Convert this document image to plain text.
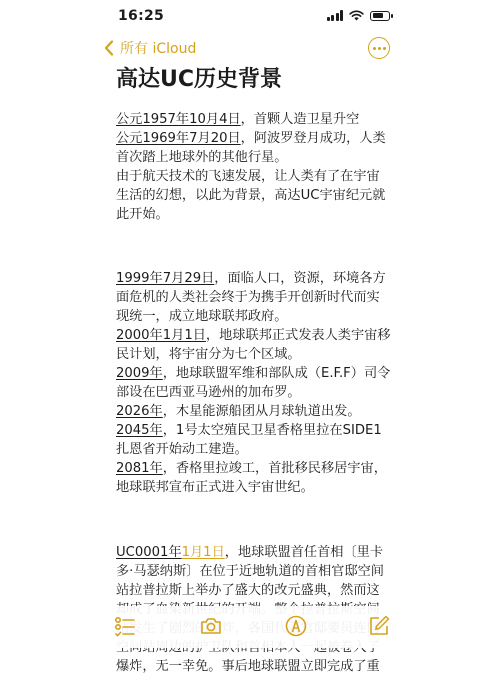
16:25
所有 iCloud
高达UC历史背景

公元1957年10月4日，首颗人造卫星升空

公元1969年7月20日，阿波罗登月成功，人类首次踏上地球外的其他行星。

由于航天技术的飞速发展，让人类有了在宇宙生活的幻想，以此为背景，高达UC宇宙纪元就此开始。

1999年7月29日，面临人口，资源，环境各方面危机的人类社会终于为携手开创新时代而实现统一，成立地球联邦政府。

2000年1月1日，地球联邦正式发表人类宇宙移民计划，将宇宙分为七个区域。

2009年，地球联盟军维和部队成（E.F.F）司令部设在巴西亚马逊州的加布罗。

2026年，木星能源船团从月球轨道出发。

2045年，1号太空殖民卫星香格里拉在SIDE1扎恩省开始动工建造。

2081年，香格里拉竣工，首批移民移居宇宙，地球联邦宣布正式进入宇宙世纪。

UC0001年1月1日，地球联盟首任首相〔里卡多·马瑟纳斯〕在位于近地轨道的首相官邸空间站拉普拉斯上举办了盛大的改元盛典，然而这 爆炸，无一幸免。事后地球联盟立即完成了重
